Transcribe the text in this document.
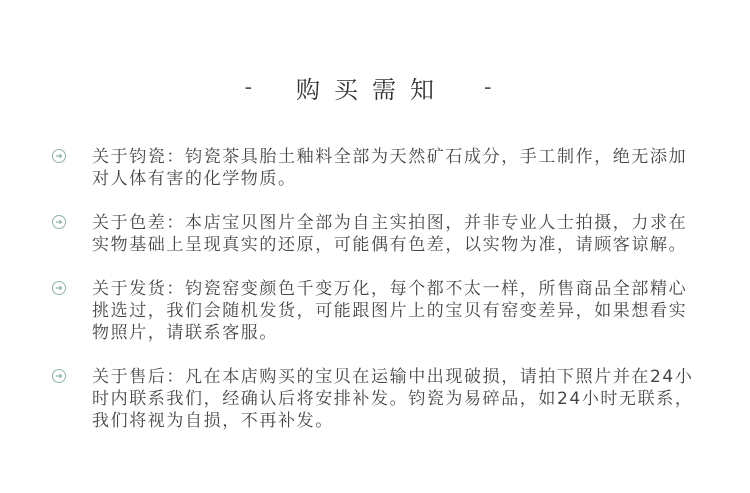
- 购买需知 -
关于钧瓷：钧瓷茶具胎土釉料全部为天然矿石成分，手工制作，绝无添加对人体有害的化学物质。
关于色差：本店宝贝图片全部为自主实拍图，并非专业人士拍摄，力求在实物基础上呈现真实的还原，可能偶有色差，以实物为准，请顾客谅解。
关于发货：钧瓷窑变颜色千变万化，每个都不太一样，所售商品全部精心挑选过，我们会随机发货，可能跟图片上的宝贝有窑变差异，如果想看实物照片，请联系客服。
关于售后：凡在本店购买的宝贝在运输中出现破损，请拍下照片并在24小时内联系我们，经确认后将安排补发。钧瓷为易碎品，如24小时无联系，我们将视为自损，不再补发。
